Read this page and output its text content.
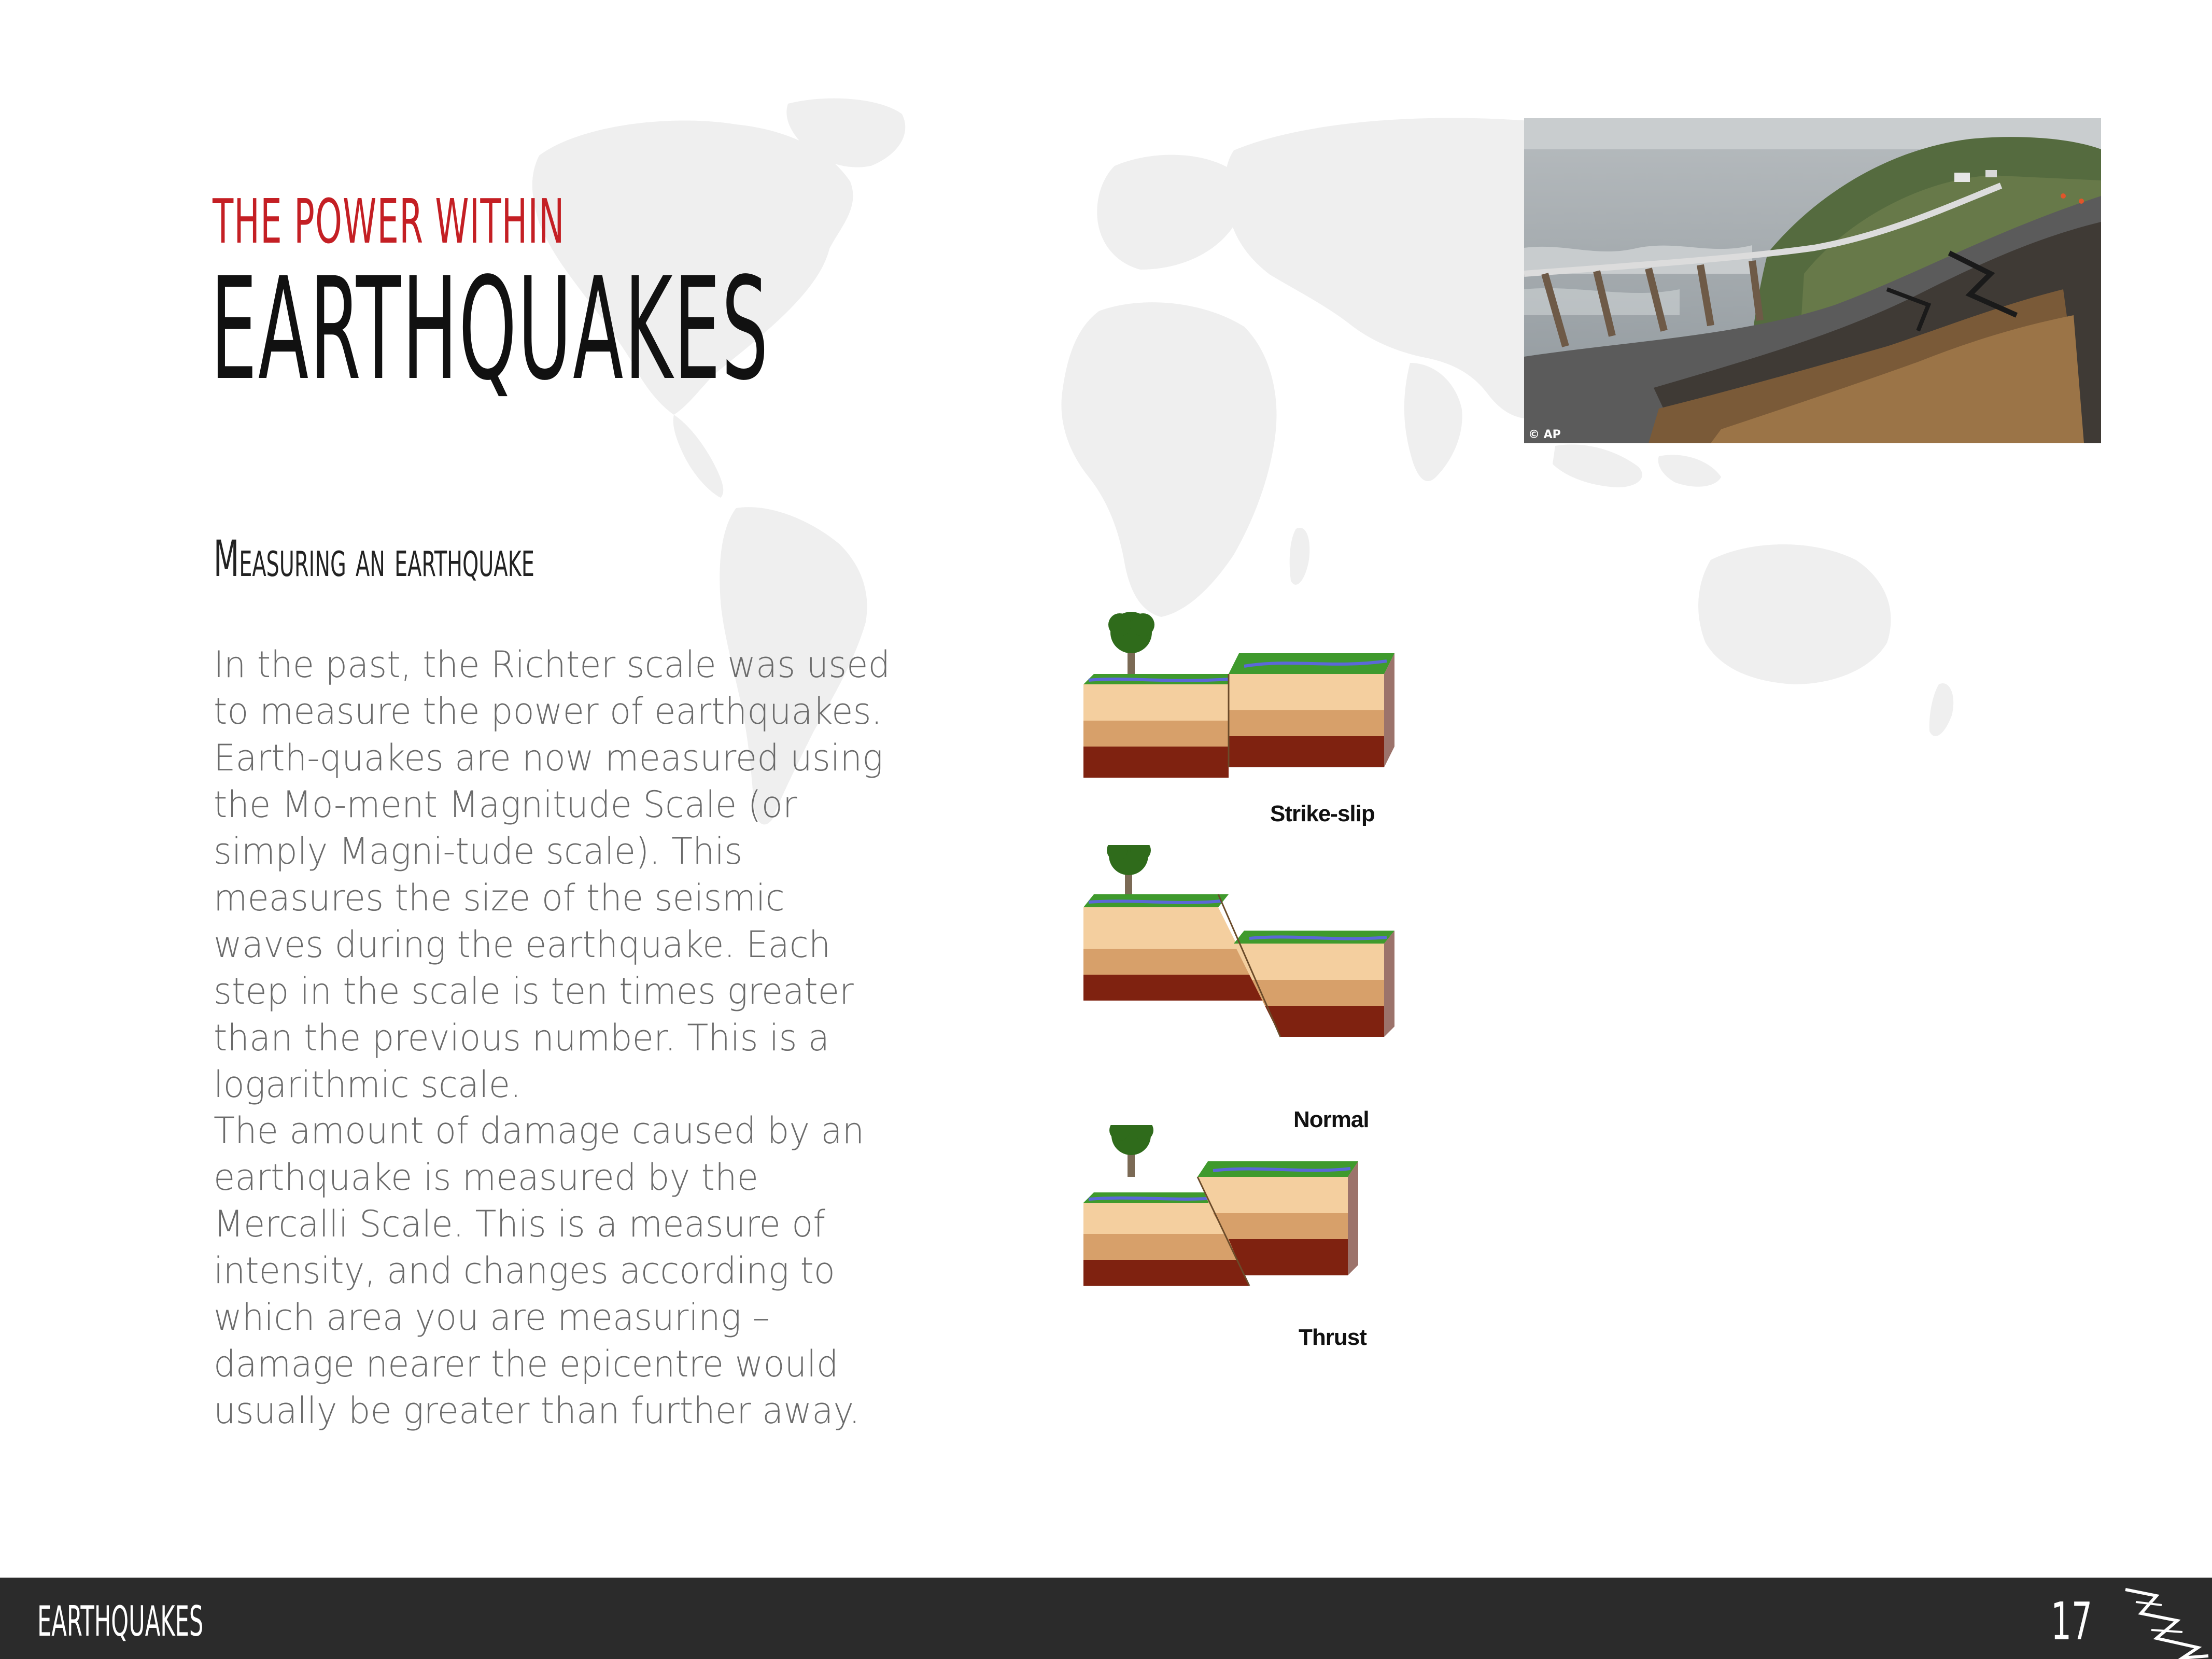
THE POWER WITHIN
EARTHQUAKES
© AP
Measuring an earthquake
In the past, the Richter scale was used to measure the power of earthquakes. Earth-quakes are now measured using the Mo-ment Magnitude Scale (or simply Magni-tude scale). This measures the size of the seismic waves during the earthquake. Each step in the scale is ten times greater than the previous number. This is a logarithmic scale.
The amount of damage caused by an earthquake is measured by the Mercalli Scale. This is a measure of intensity, and changes according to which area you are measuring – damage nearer the epicentre would usually be greater than further away.
Strike-slip
Normal
Thrust
EARTHQUAKES	17
